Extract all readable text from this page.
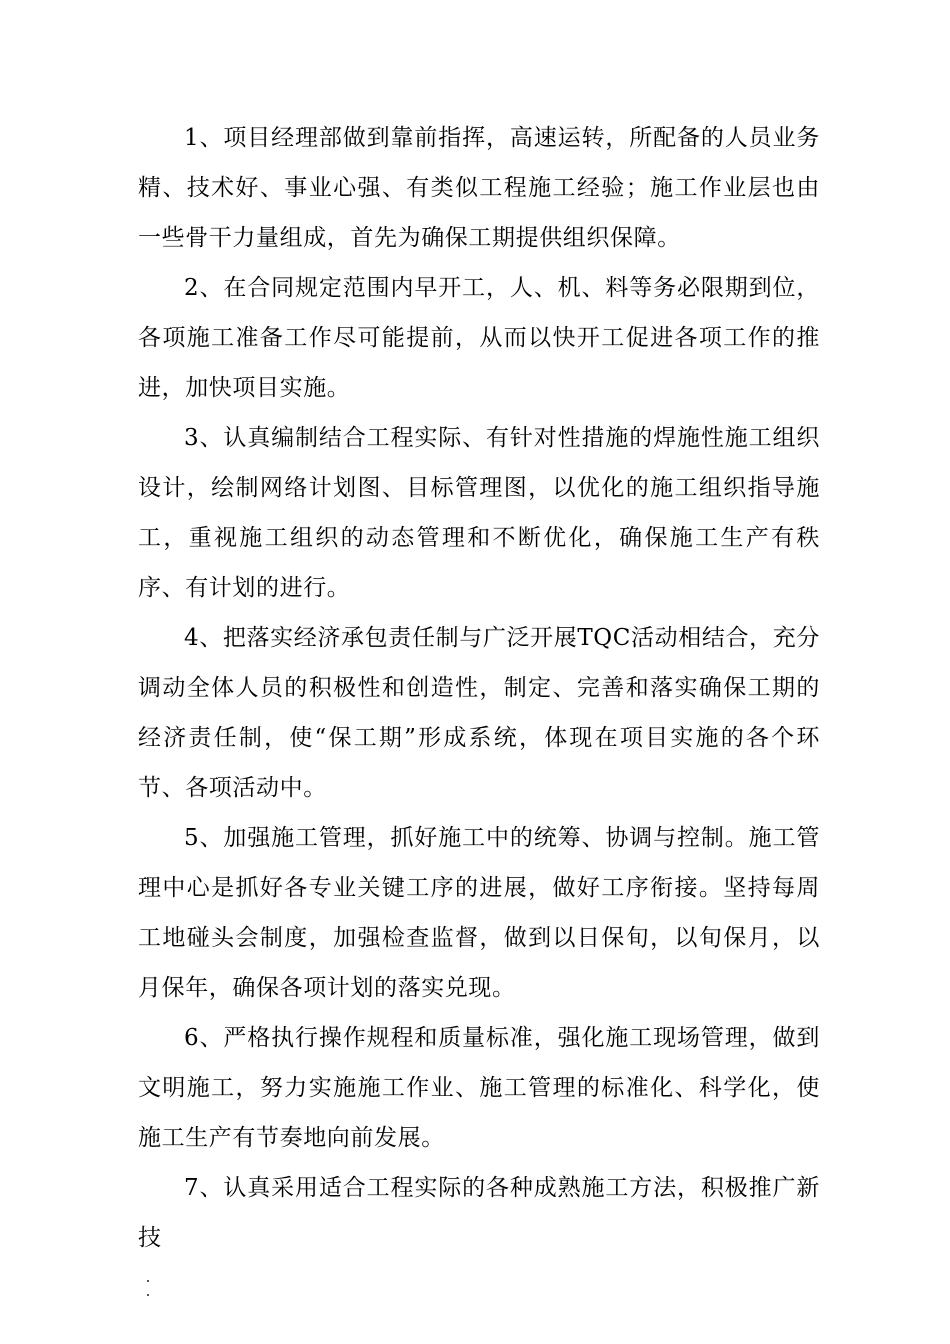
1、项目经理部做到靠前指挥，高速运转，所配备的人员业务精、技术好、事业心强、有类似工程施工经验；施工作业层也由一些骨干力量组成，首先为确保工期提供组织保障。

2、在合同规定范围内早开工，人、机、料等务必限期到位，各项施工准备工作尽可能提前，从而以快开工促进各项工作的推进，加快项目实施。

3、认真编制结合工程实际、有针对性措施的焊施性施工组织设计，绘制网络计划图、目标管理图，以优化的施工组织指导施工，重视施工组织的动态管理和不断优化，确保施工生产有秩序、有计划的进行。

4、把落实经济承包责任制与广泛开展TQC活动相结合，充分调动全体人员的积极性和创造性，制定、完善和落实确保工期的经济责任制，使“保工期”形成系统，体现在项目实施的各个环节、各项活动中。

5、加强施工管理，抓好施工中的统筹、协调与控制。施工管理中心是抓好各专业关键工序的进展，做好工序衔接。坚持每周工地碰头会制度，加强检查监督，做到以日保旬，以旬保月，以月保年，确保各项计划的落实兑现。

6、严格执行操作规程和质量标准，强化施工现场管理，做到文明施工，努力实施施工作业、施工管理的标准化、科学化，使施工生产有节奏地向前发展。

7、认真采用适合工程实际的各种成熟施工方法，积极推广新技
